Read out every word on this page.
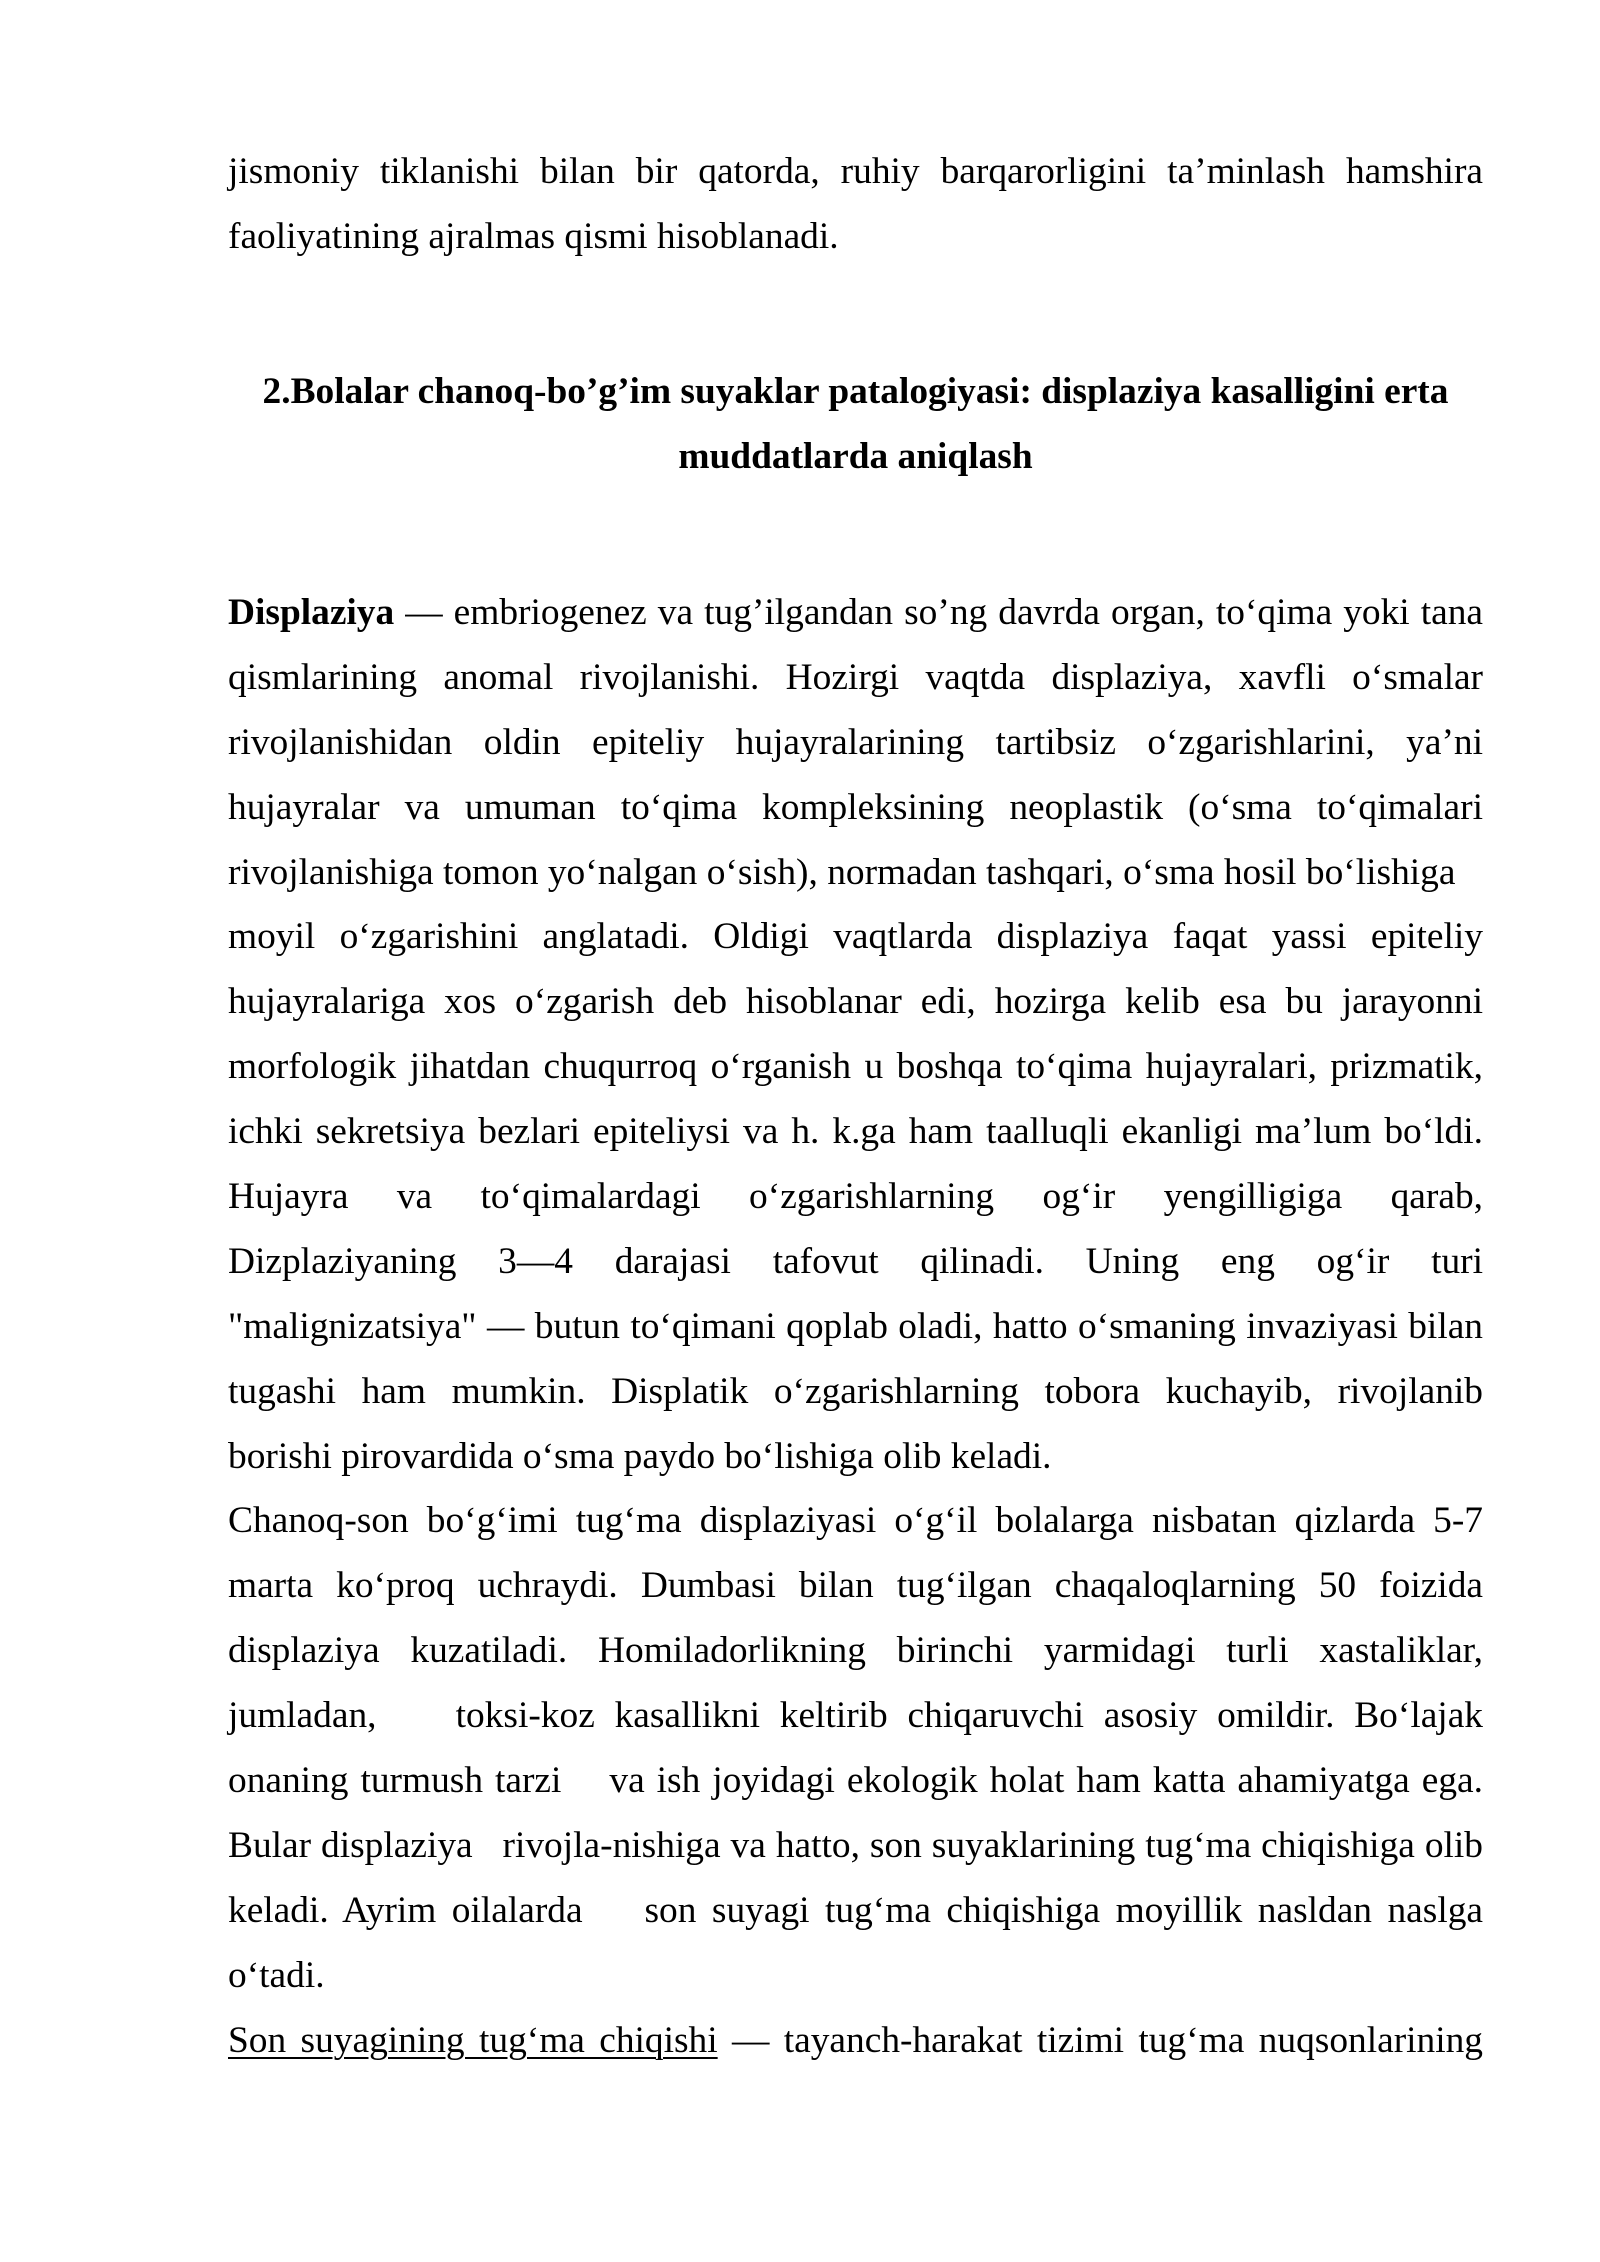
jismoniy tiklanishi bilan bir qatorda, ruhiy barqarorligini ta’minlash hamshira
faoliyatining ajralmas qismi hisoblanadi.
2.Bolalar chanoq-bo’g’im suyaklar patalogiyasi: displaziya kasalligini erta
muddatlarda aniqlash
Displaziya — embriogenez va tug’ilgandan so’ng davrda organ, to‘qima yoki tana
qismlarining anomal rivojlanishi. Hozirgi vaqtda displaziya, xavfli o‘smalar
rivojlanishidan oldin epiteliy hujayralarining tartibsiz o‘zgarishlarini, ya’ni
hujayralar va umuman to‘qima kompleksining neoplastik (o‘sma to‘qimalari
rivojlanishiga tomon yo‘nalgan o‘sish), normadan tashqari, o‘sma hosil bo‘lishiga
moyil o‘zgarishini anglatadi. Oldigi vaqtlarda displaziya faqat yassi epiteliy
hujayralariga xos o‘zgarish deb hisoblanar edi, hozirga kelib esa bu jarayonni
morfologik jihatdan chuqurroq o‘rganish u boshqa to‘qima hujayralari, prizmatik,
ichki sekretsiya bezlari epiteliysi va h. k.ga ham taalluqli ekanligi ma’lum bo‘ldi.
Hujayra va to‘qimalardagi o‘zgarishlarning og‘ir yengilligiga qarab,
Dizplaziyaning 3—4 darajasi tafovut qilinadi. Uning eng og‘ir turi
"malignizatsiya" — butun to‘qimani qoplab oladi, hatto o‘smaning invaziyasi bilan
tugashi ham mumkin. Displatik o‘zgarishlarning tobora kuchayib, rivojlanib
borishi pirovardida o‘sma paydo bo‘lishiga olib keladi.
Chanoq-son bo‘g‘imi tug‘ma displaziyasi o‘g‘il bolalarga nisbatan qizlarda 5-7
marta ko‘proq uchraydi. Dumbasi bilan tug‘ilgan chaqaloqlarning 50 foizida
displaziya kuzatiladi. Homiladorlikning birinchi yarmidagi turli xastaliklar,
jumladan,    toksi-koz kasallikni keltirib chiqaruvchi asosiy omildir. Bo‘lajak
onaning turmush tarzi    va ish joyidagi ekologik holat ham katta ahamiyatga ega.
Bular displaziya   rivojla-nishiga va hatto, son suyaklarining tug‘ma chiqishiga olib
keladi. Ayrim oilalarda    son suyagi tug‘ma chiqishiga moyillik nasldan naslga
o‘tadi.
Son suyagining tug‘ma chiqishi — tayanch-harakat tizimi tug‘ma nuqsonlarining
